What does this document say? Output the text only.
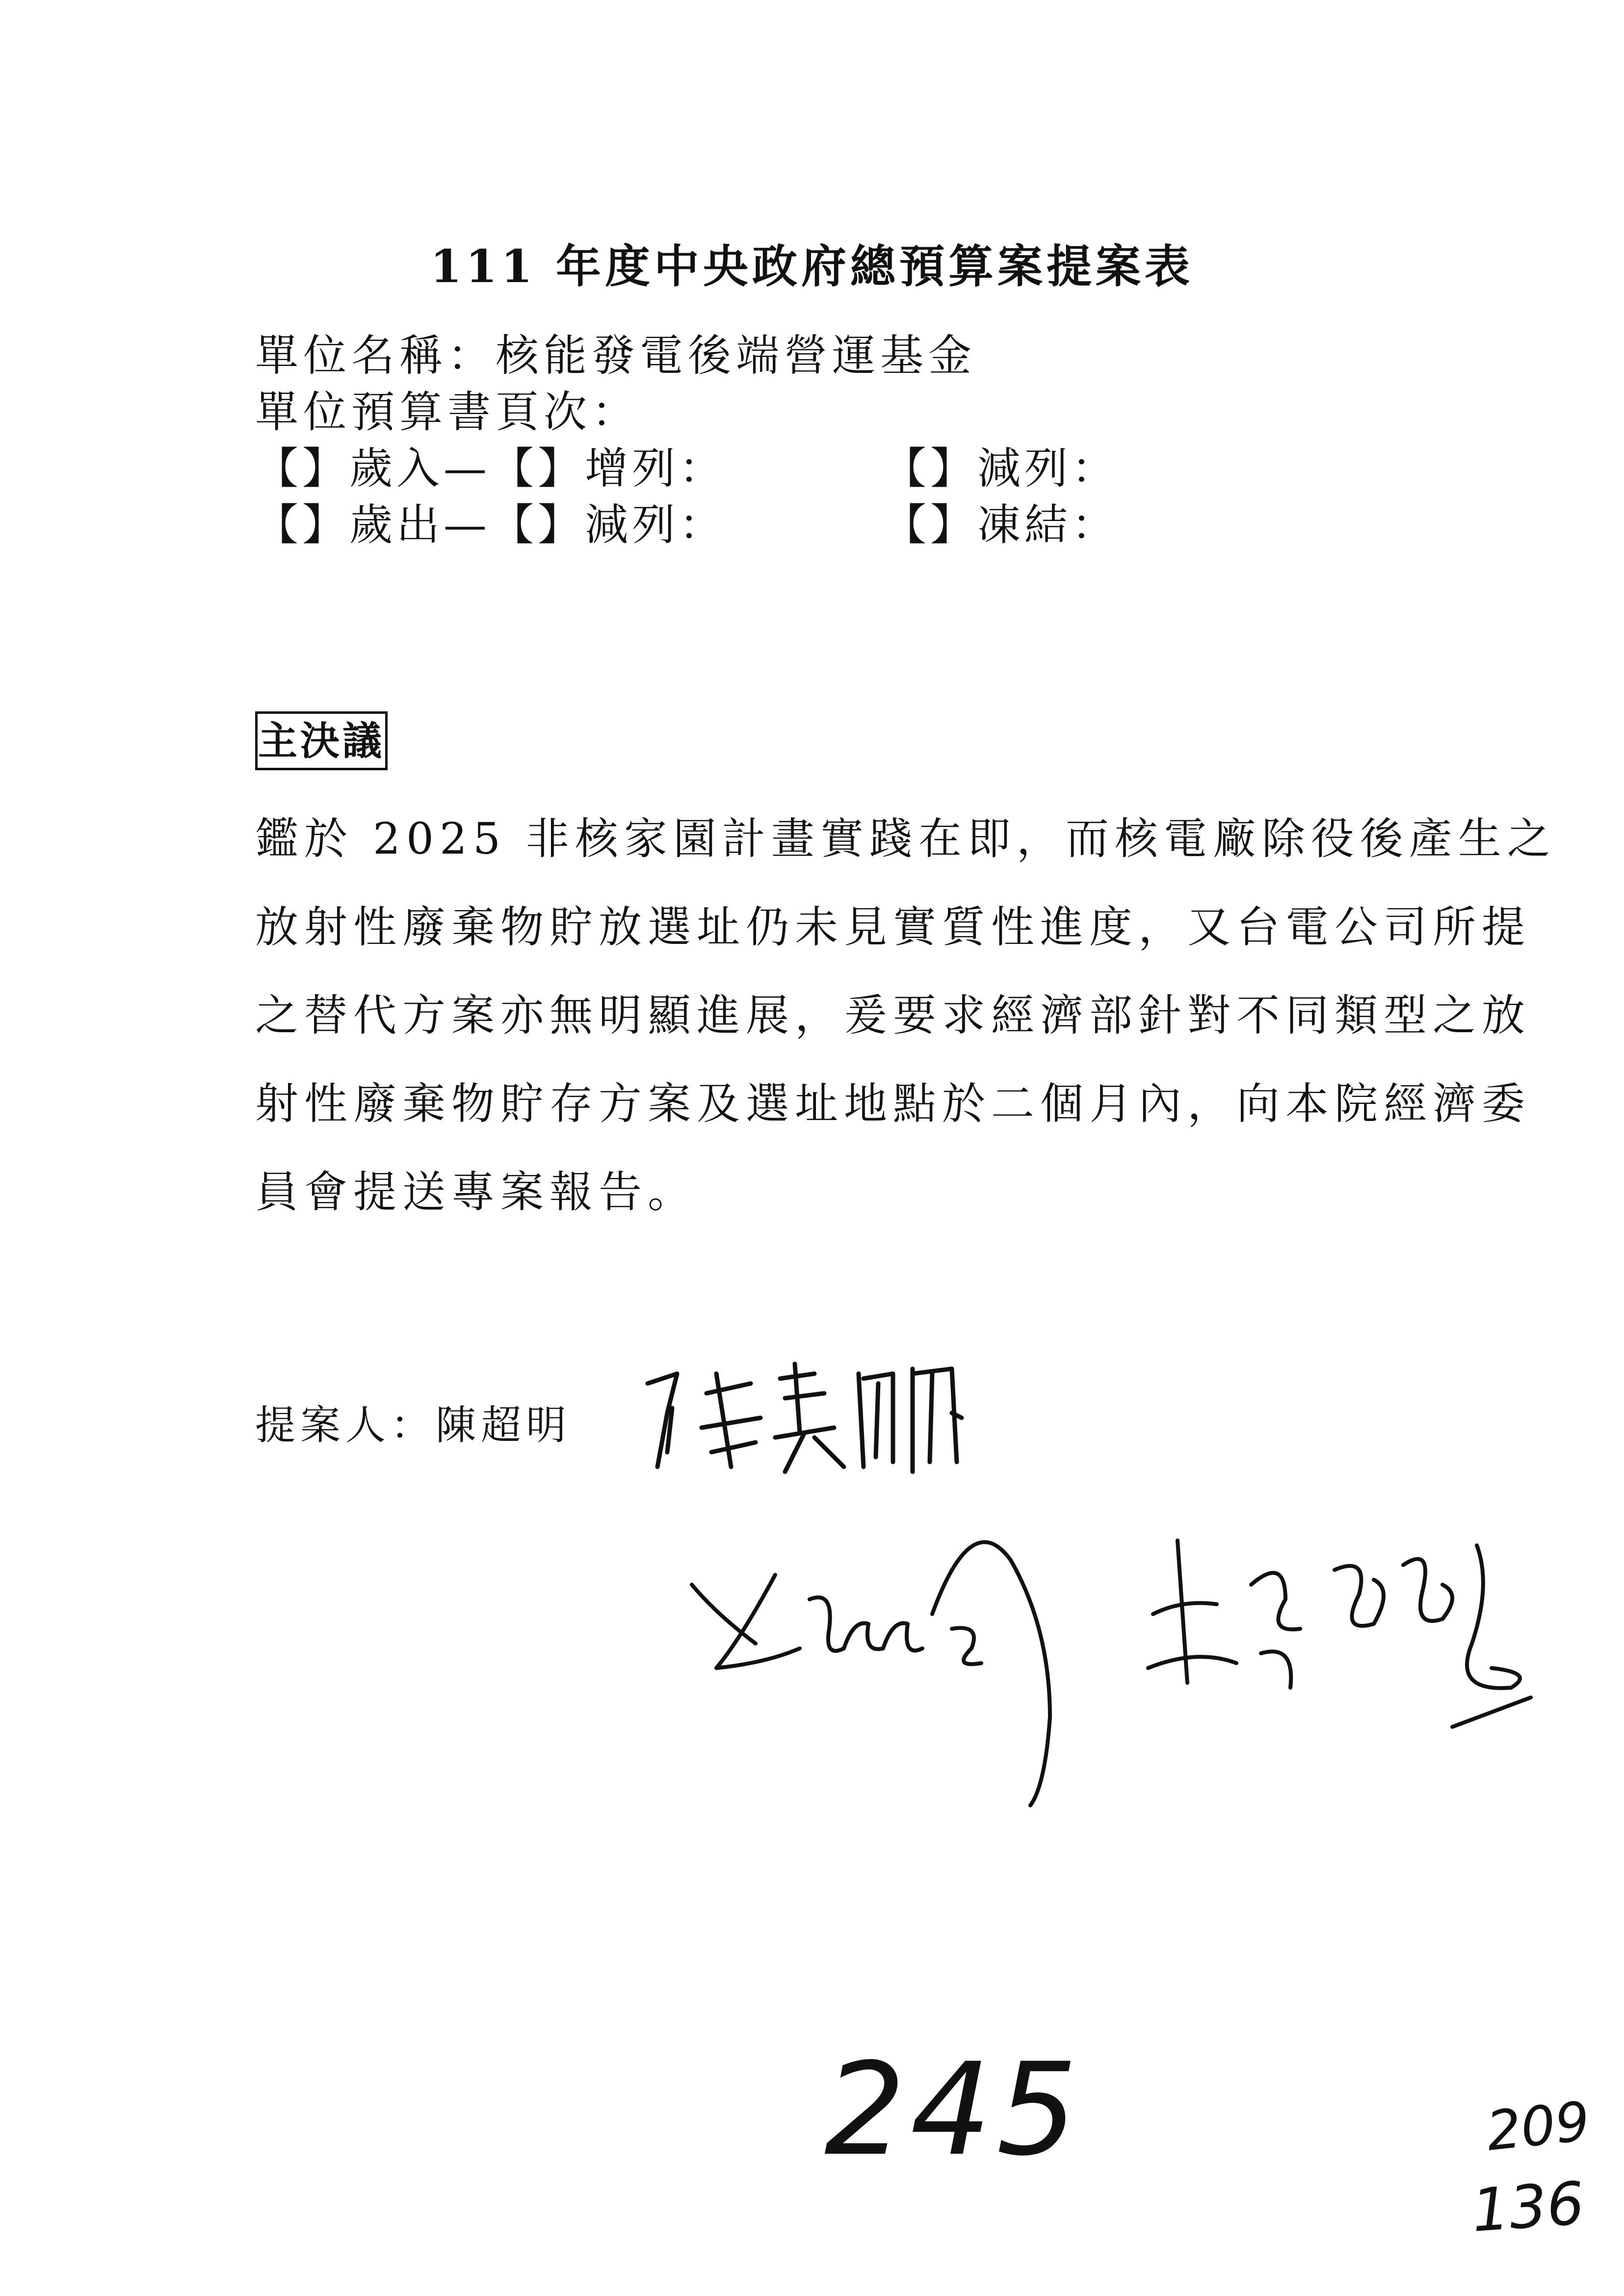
111 年度中央政府總預算案提案表
單位名稱：核能發電後端營運基金
單位預算書頁次：
【】歲入—【】增列：	【】減列：
【】歲出—【】減列：	【】凍結：
主決議
鑑於 2025 非核家園計畫實踐在即，而核電廠除役後產生之
放射性廢棄物貯放選址仍未見實質性進度，又台電公司所提
之替代方案亦無明顯進展，爰要求經濟部針對不同類型之放
射性廢棄物貯存方案及選址地點於二個月內，向本院經濟委
員會提送專案報告。
提案人：陳超明
245	209
136
